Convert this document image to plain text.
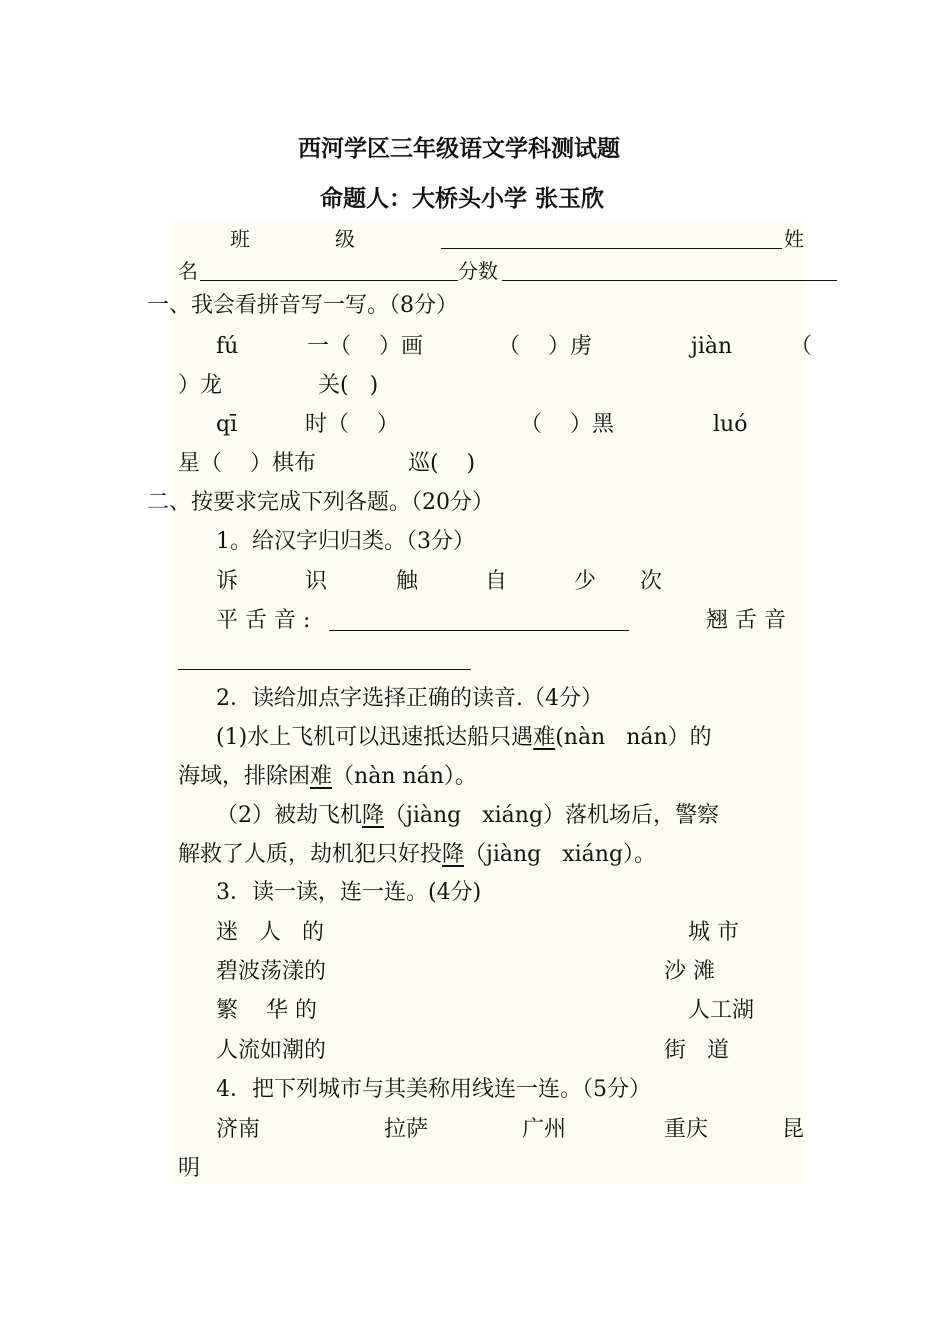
西河学区三年级语文学科测试题
命题人：大桥头小学 张玉欣
班	级	姓
名	分数
一、我会看拼音写一写。（8分）
fú	一（    ）画	（    ）虏	jiàn	（
）龙	关(   )
qī	时（    ）	（    ）黑	luó
星（    ）棋布	巡(    )
二、按要求完成下列各题。（20分）
1。给汉字归归类。（3分）
诉	识	触	自	少 次
平 舌 音 :	翘 舌 音
2．读给加点字选择正确的读音.（4分）
(1)水上飞机可以迅速抵达船只遇难(nàn   nán）的
海域，排除困难（nàn nán）。
（2）被劫飞机降（jiàng   xiáng）落机场后，警察
解救了人质，劫机犯只好投降（jiàng   xiáng）。
3．读一读，连一连。(4分)
迷   人   的	城 市
碧波荡漾的	沙 滩
繁    华 的	人工湖
人流如潮的	街   道
4．把下列城市与其美称用线连一连。（5分）
济南	拉萨	广州	重庆	昆
明
